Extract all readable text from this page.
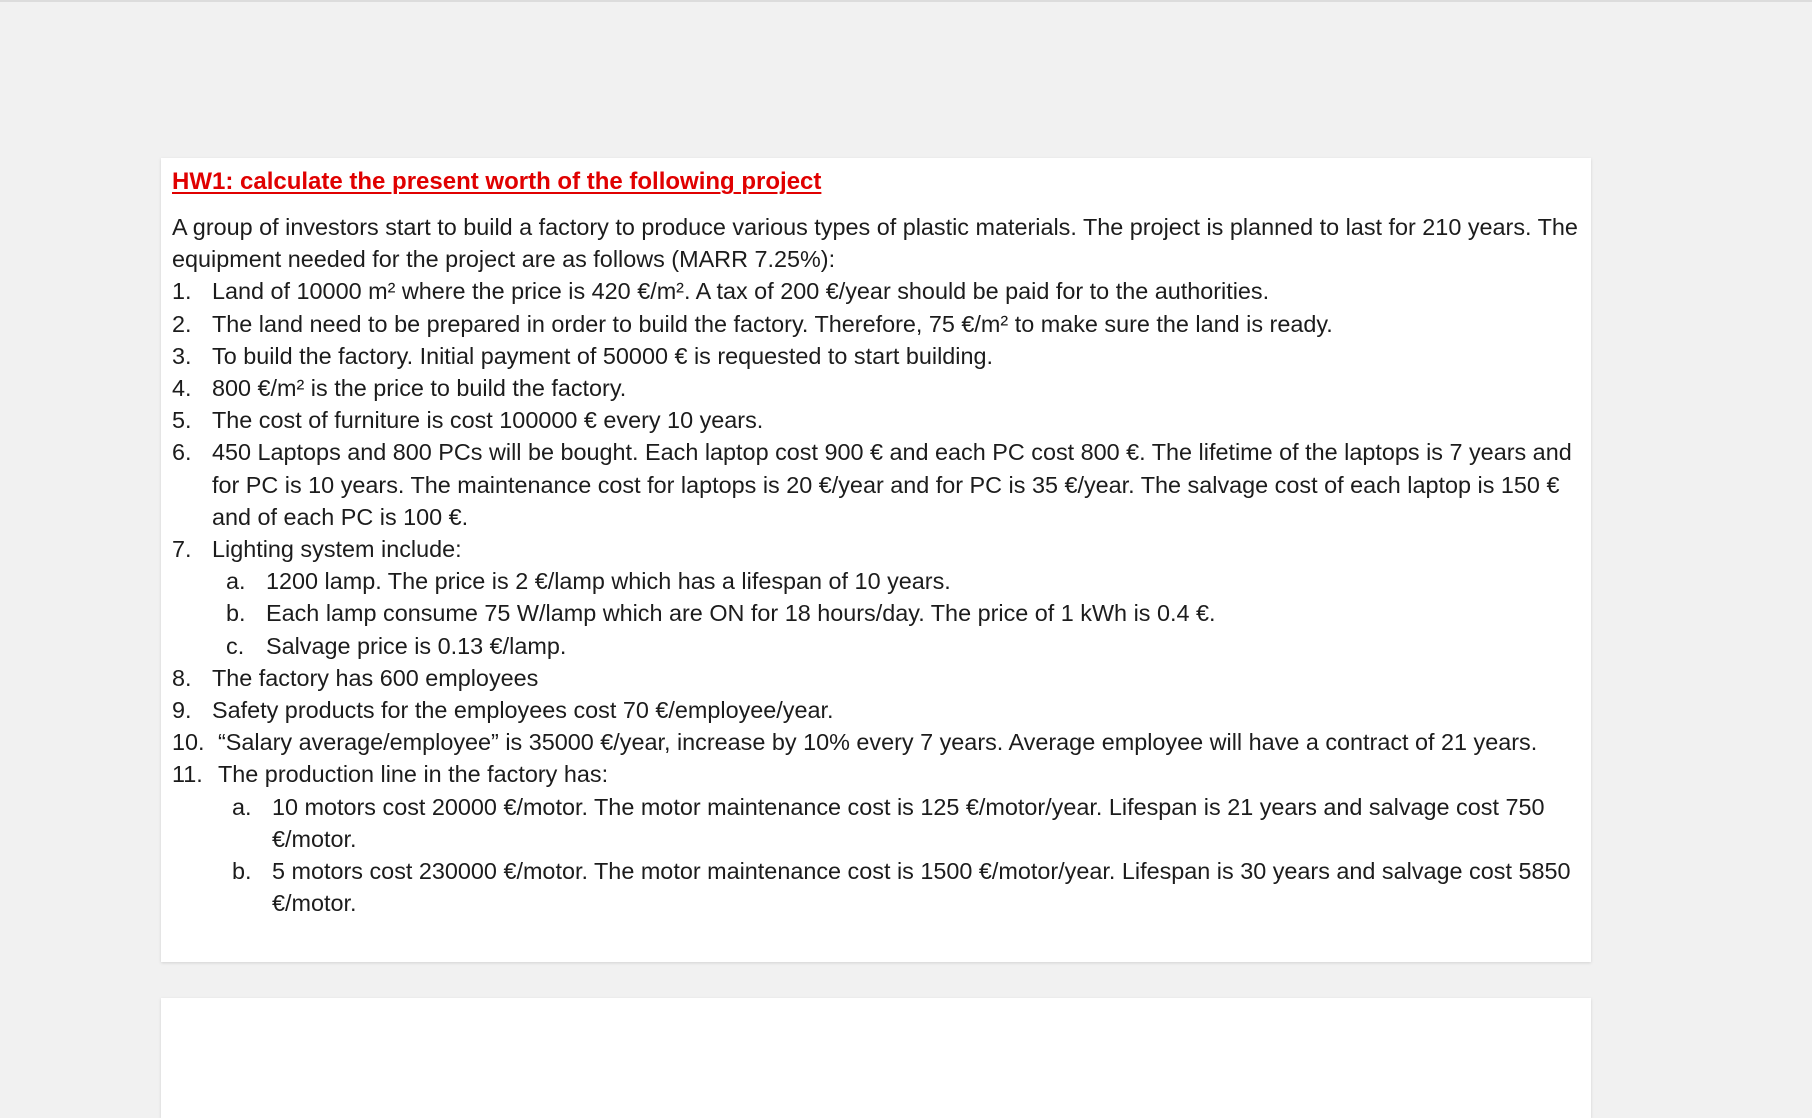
HW1: calculate the present worth of the following project

A group of investors start to build a factory to produce various types of plastic materials. The project is planned to last for 210 years. The equipment needed for the project are as follows (MARR 7.25%):

1. Land of 10000 m² where the price is 420 €/m². A tax of 200 €/year should be paid for to the authorities.
2. The land need to be prepared in order to build the factory. Therefore, 75 €/m² to make sure the land is ready.
3. To build the factory. Initial payment of 50000 € is requested to start building.
4. 800 €/m² is the price to build the factory.
5. The cost of furniture is cost 100000 € every 10 years.
6. 450 Laptops and 800 PCs will be bought. Each laptop cost 900 € and each PC cost 800 €. The lifetime of the laptops is 7 years and for PC is 10 years. The maintenance cost for laptops is 20 €/year and for PC is 35 €/year. The salvage cost of each laptop is 150 € and of each PC is 100 €.
7. Lighting system include:
a. 1200 lamp. The price is 2 €/lamp which has a lifespan of 10 years.
b. Each lamp consume 75 W/lamp which are ON for 18 hours/day. The price of 1 kWh is 0.4 €.
c. Salvage price is 0.13 €/lamp.
8. The factory has 600 employees
9. Safety products for the employees cost 70 €/employee/year.
10. “Salary average/employee” is 35000 €/year, increase by 10% every 7 years. Average employee will have a contract of 21 years.
11. The production line in the factory has:
a. 10 motors cost 20000 €/motor. The motor maintenance cost is 125 €/motor/year. Lifespan is 21 years and salvage cost 750 €/motor.
b. 5 motors cost 230000 €/motor. The motor maintenance cost is 1500 €/motor/year. Lifespan is 30 years and salvage cost 5850 €/motor.
